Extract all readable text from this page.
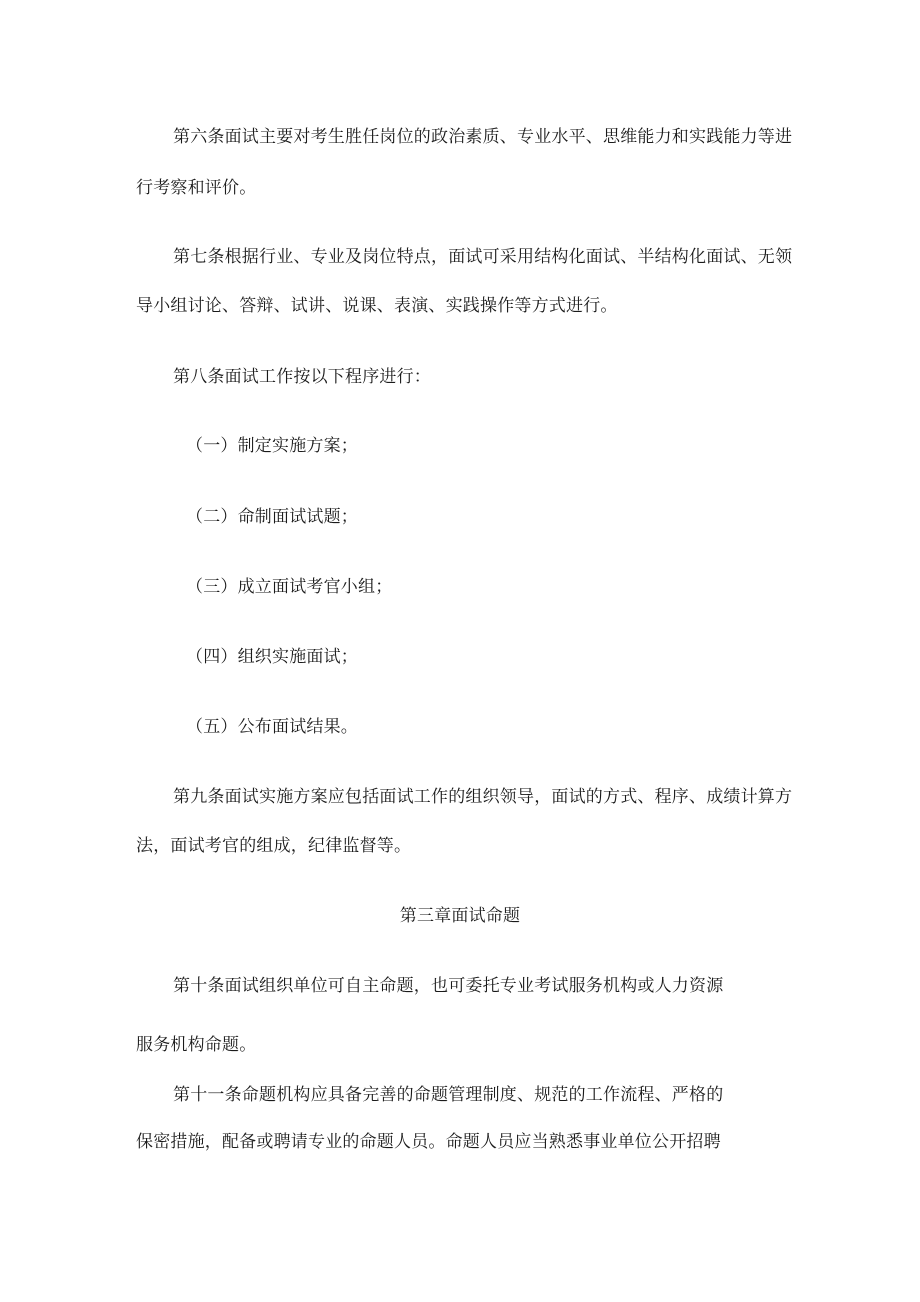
第六条面试主要对考生胜任岗位的政治素质、专业水平、思维能力和实践能力等进
行考察和评价。
第七条根据行业、专业及岗位特点，面试可采用结构化面试、半结构化面试、无领
导小组讨论、答辩、试讲、说课、表演、实践操作等方式进行。
第八条面试工作按以下程序进行：
（一）制定实施方案；
（二）命制面试试题；
（三）成立面试考官小组；
（四）组织实施面试；
（五）公布面试结果。
第九条面试实施方案应包括面试工作的组织领导，面试的方式、程序、成绩计算方
法，面试考官的组成，纪律监督等。
第三章面试命题
第十条面试组织单位可自主命题，也可委托专业考试服务机构或人力资源
服务机构命题。
第十一条命题机构应具备完善的命题管理制度、规范的工作流程、严格的
保密措施，配备或聘请专业的命题人员。命题人员应当熟悉事业单位公开招聘
